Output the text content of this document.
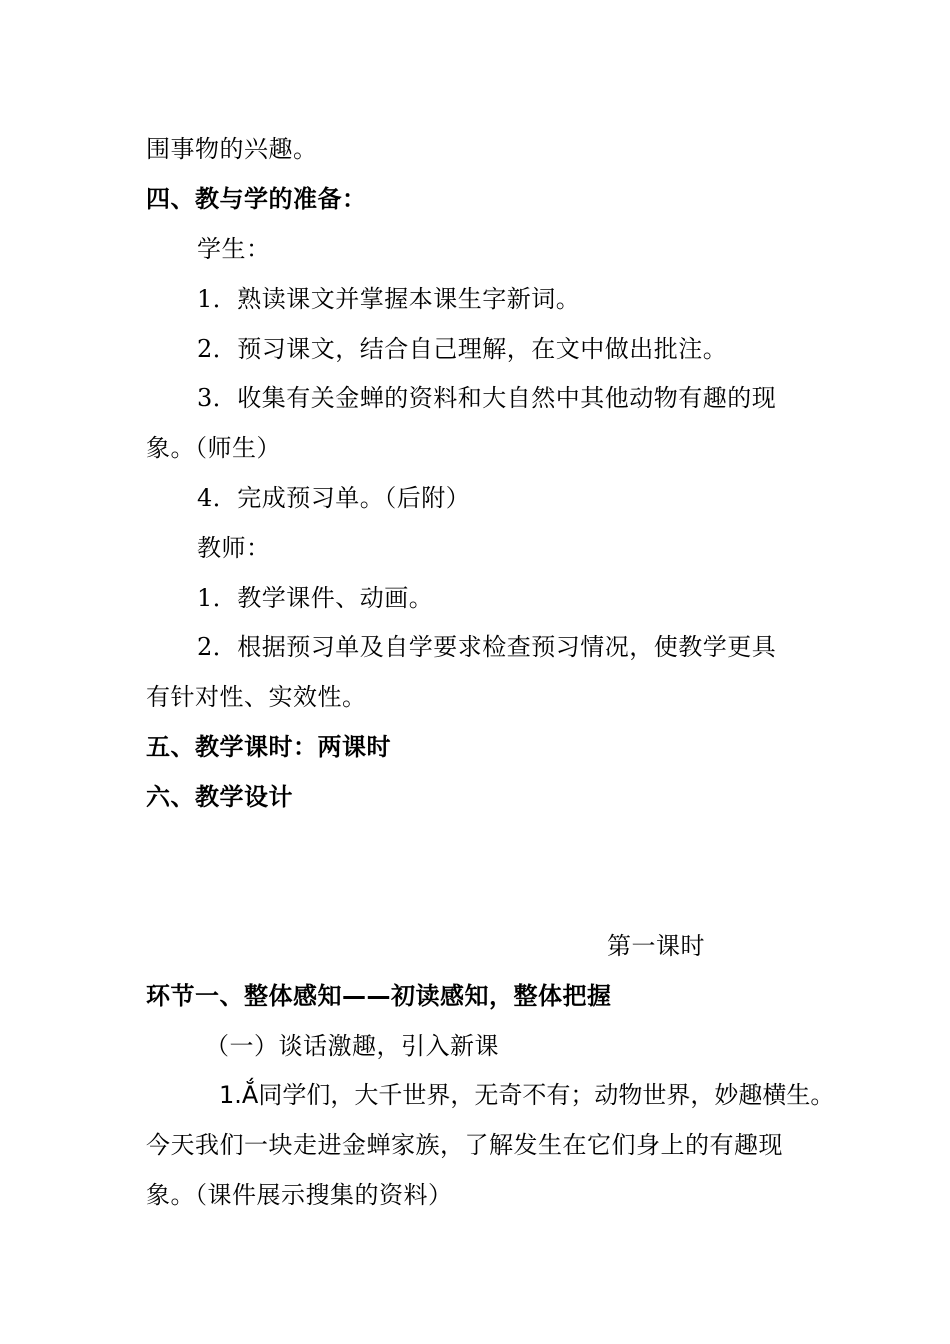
围事物的兴趣。
四、教与学的准备：
学生：
1．熟读课文并掌握本课生字新词。
2．预习课文，结合自己理解，在文中做出批注。
3．收集有关金蝉的资料和大自然中其他动物有趣的现
象。（师生）
4．完成预习单。（后附）
教师：
1．教学课件、动画。
2．根据预习单及自学要求检查预习情况，使教学更具
有针对性、实效性。
五、教学课时：两课时
六、教学设计
第一课时
环节一、整体感知——初读感知，整体把握
（一）谈话激趣，引入新课
1.Ắ同学们，大千世界，无奇不有；动物世界，妙趣横生。
今天我们一块走进金蝉家族，了解发生在它们身上的有趣现
象。（课件展示搜集的资料）
